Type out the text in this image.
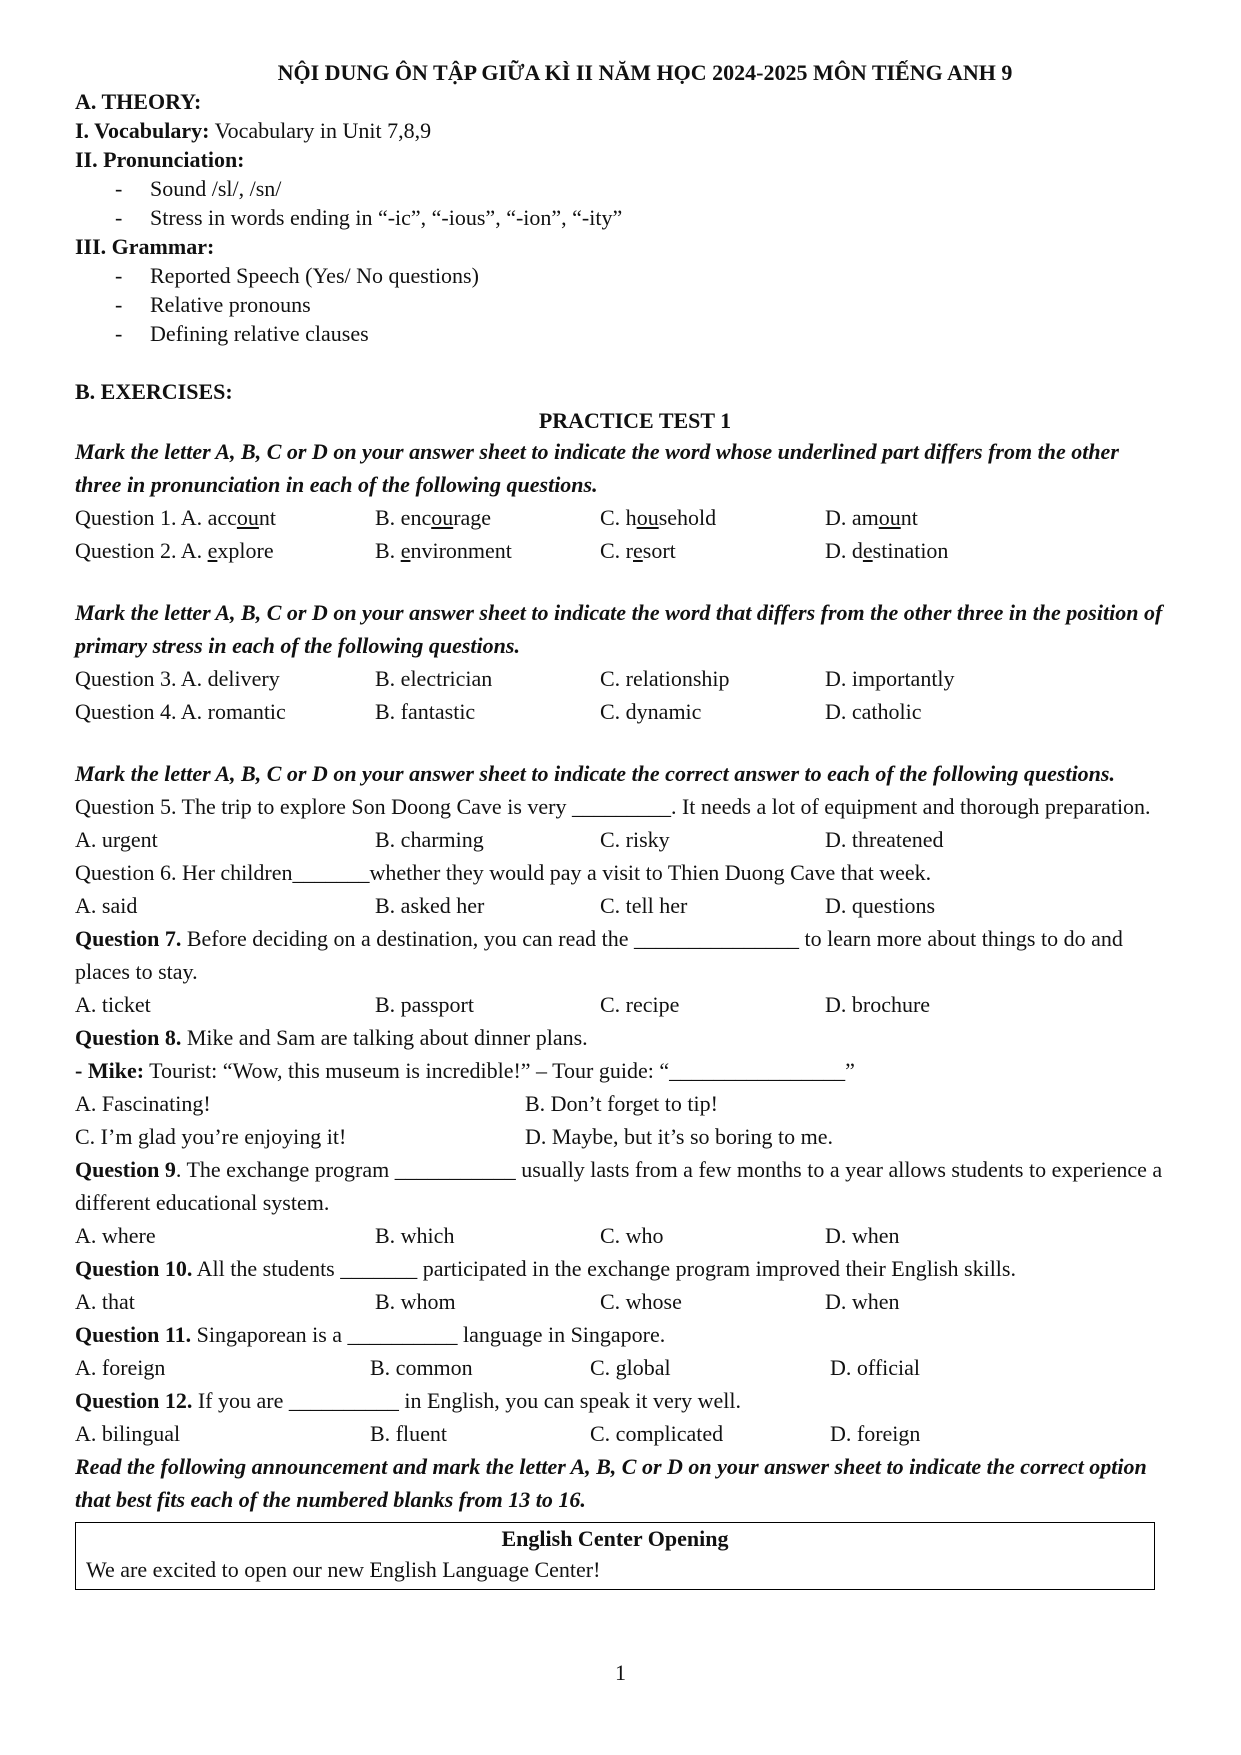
NỘI DUNG ÔN TẬP GIỮA KÌ II NĂM HỌC 2024-2025 MÔN TIẾNG ANH 9
A. THEORY:
I. Vocabulary: Vocabulary in Unit 7,8,9
II. Pronunciation:
-	Sound /sl/, /sn/
-	Stress in words ending in “-ic”, “-ious”, “-ion”, “-ity”
III. Grammar:
-	Reported Speech (Yes/ No questions)
-	Relative pronouns
-	Defining relative clauses
B. EXERCISES:
PRACTICE TEST 1
Mark the letter A, B, C or D on your answer sheet to indicate the word whose underlined part differs from the other three in pronunciation in each of the following questions.
Question 1. A. account	B. encourage	C. household	D. amount
Question 2. A. explore	B. environment	C. resort	D. destination
Mark the letter A, B, C or D on your answer sheet to indicate the word that differs from the other three in the position of primary stress in each of the following questions.
Question 3. A. delivery	B. electrician	C. relationship	D. importantly
Question 4. A. romantic	B. fantastic	C. dynamic	D. catholic
Mark the letter A, B, C or D on your answer sheet to indicate the correct answer to each of the following questions.
Question 5. The trip to explore Son Doong Cave is very _________. It needs a lot of equipment and thorough preparation.
A. urgent	B. charming	C. risky	D. threatened
Question 6. Her children_______whether they would pay a visit to Thien Duong Cave that week.
A. said	B. asked her	C. tell her	D. questions
Question 7. Before deciding on a destination, you can read the _______________ to learn more about things to do and places to stay.
A. ticket	B. passport	C. recipe	D. brochure
Question 8. Mike and Sam are talking about dinner plans.
- Mike: Tourist: “Wow, this museum is incredible!” – Tour guide: “________________”
A. Fascinating!	B. Don’t forget to tip!
C. I’m glad you’re enjoying it!	D. Maybe, but it’s so boring to me.
Question 9. The exchange program ___________ usually lasts from a few months to a year allows students to experience a different educational system.
A. where	B. which	C. who	D. when
Question 10. All the students _______ participated in the exchange program improved their English skills.
A. that	B. whom	C. whose	D. when
Question 11. Singaporean is a __________ language in Singapore.
A. foreign	B. common	C. global	D. official
Question 12. If you are __________ in English, you can speak it very well.
A. bilingual	B. fluent	C. complicated	D. foreign
Read the following announcement and mark the letter A, B, C or D on your answer sheet to indicate the correct option that best fits each of the numbered blanks from 13 to 16.
English Center Opening
We are excited to open our new English Language Center!
1
